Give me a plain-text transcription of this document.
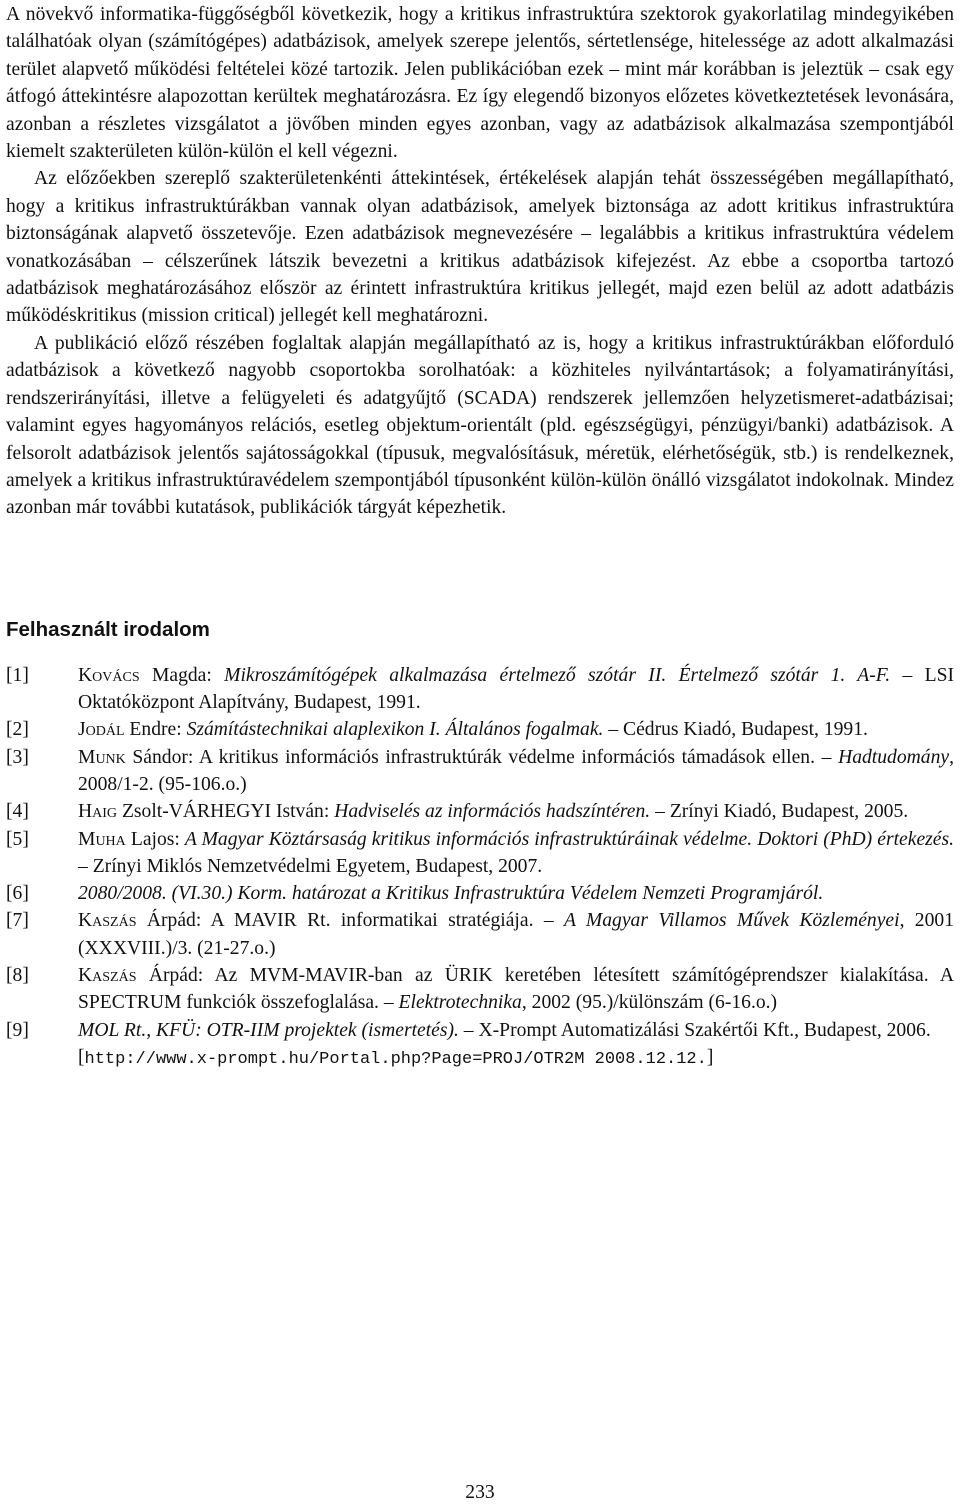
A növekvő informatika-függőségből következik, hogy a kritikus infrastruktúra szektorok gyakorlatilag mindegyikében találhatóak olyan (számítógépes) adatbázisok, amelyek szerepe jelentős, sértetlensége, hitelessége az adott alkalmazási terület alapvető működési feltételei közé tartozik. Jelen publikációban ezek – mint már korábban is jeleztük – csak egy átfogó áttekintésre alapozottan kerültek meghatározásra. Ez így elegendő bizonyos előzetes következtetések levonására, azonban a részletes vizsgálatot a jövőben minden egyes azonban, vagy az adatbázisok alkalmazása szempontjából kiemelt szakterületen külön-külön el kell végezni.

Az előzőekben szereplő szakterületenkénti áttekintések, értékelések alapján tehát összességében megállapítható, hogy a kritikus infrastruktúrákban vannak olyan adatbázisok, amelyek biztonsága az adott kritikus infrastruktúra biztonságának alapvető összetevője. Ezen adatbázisok megnevezésére – legalábbis a kritikus infrastruktúra védelem vonatkozásában – célszerűnek látszik bevezetni a kritikus adatbázisok kifejezést. Az ebbe a csoportba tartozó adatbázisok meghatározásához először az érintett infrastruktúra kritikus jellegét, majd ezen belül az adott adatbázis működéskritikus (mission critical) jellegét kell meghatározni.

A publikáció előző részében foglaltak alapján megállapítható az is, hogy a kritikus infrastruktúrákban előforduló adatbázisok a következő nagyobb csoportokba sorolhatóak: a közhiteles nyilvántartások; a folyamatirányítási, rendszerirányítási, illetve a felügyeleti és adatgyűjtő (SCADA) rendszerek jellemzően helyzetismeret-adatbázisai; valamint egyes hagyományos relációs, esetleg objektum-orientált (pld. egészségügyi, pénzügyi/banki) adatbázisok. A felsorolt adatbázisok jelentős sajátosságokkal (típusuk, megvalósításuk, méretük, elérhetőségük, stb.) is rendelkeznek, amelyek a kritikus infrastruktúravédelem szempontjából típusonként külön-külön önálló vizsgálatot indokolnak. Mindez azonban már további kutatások, publikációk tárgyát képezhetik.

Felhasznált irodalom
[1]	Kovács Magda: Mikroszámítógépek alkalmazása értelmező szótár II. Értelmező szótár 1. A-F. – LSI Oktatóközpont Alapítvány, Budapest, 1991.
[2]	Jodál Endre: Számítástechnikai alaplexikon I. Általános fogalmak. – Cédrus Kiadó, Budapest, 1991.
[3]	Munk Sándor: A kritikus információs infrastruktúrák védelme információs támadások ellen. – Hadtudomány, 2008/1-2. (95-106.o.)
[4]	Haig Zsolt-VÁRHEGYI István: Hadviselés az információs hadszíntéren. – Zrínyi Kiadó, Budapest, 2005.
[5]	Muha Lajos: A Magyar Köztársaság kritikus információs infrastruktúráinak védelme. Doktori (PhD) értekezés. – Zrínyi Miklós Nemzetvédelmi Egyetem, Budapest, 2007.
[6]	2080/2008. (VI.30.) Korm. határozat a Kritikus Infrastruktúra Védelem Nemzeti Programjáról.
[7]	Kaszás Árpád: A MAVIR Rt. informatikai stratégiája. – A Magyar Villamos Művek Közleményei, 2001 (XXXVIII.)/3. (21-27.o.)
[8]	Kaszás Árpád: Az MVM-MAVIR-ban az ÜRIK keretében létesített számítógéprendszer kialakítása. A SPECTRUM funkciók összefoglalása. – Elektrotechnika, 2002 (95.)/különszám (6-16.o.)
[9]	MOL Rt., KFÜ: OTR-IIM projektek (ismertetés). – X-Prompt Automatizálási Szakértői Kft., Budapest, 2006.
[http://www.x-prompt.hu/Portal.php?Page=PROJ/OTR2M 2008.12.12.]
233
